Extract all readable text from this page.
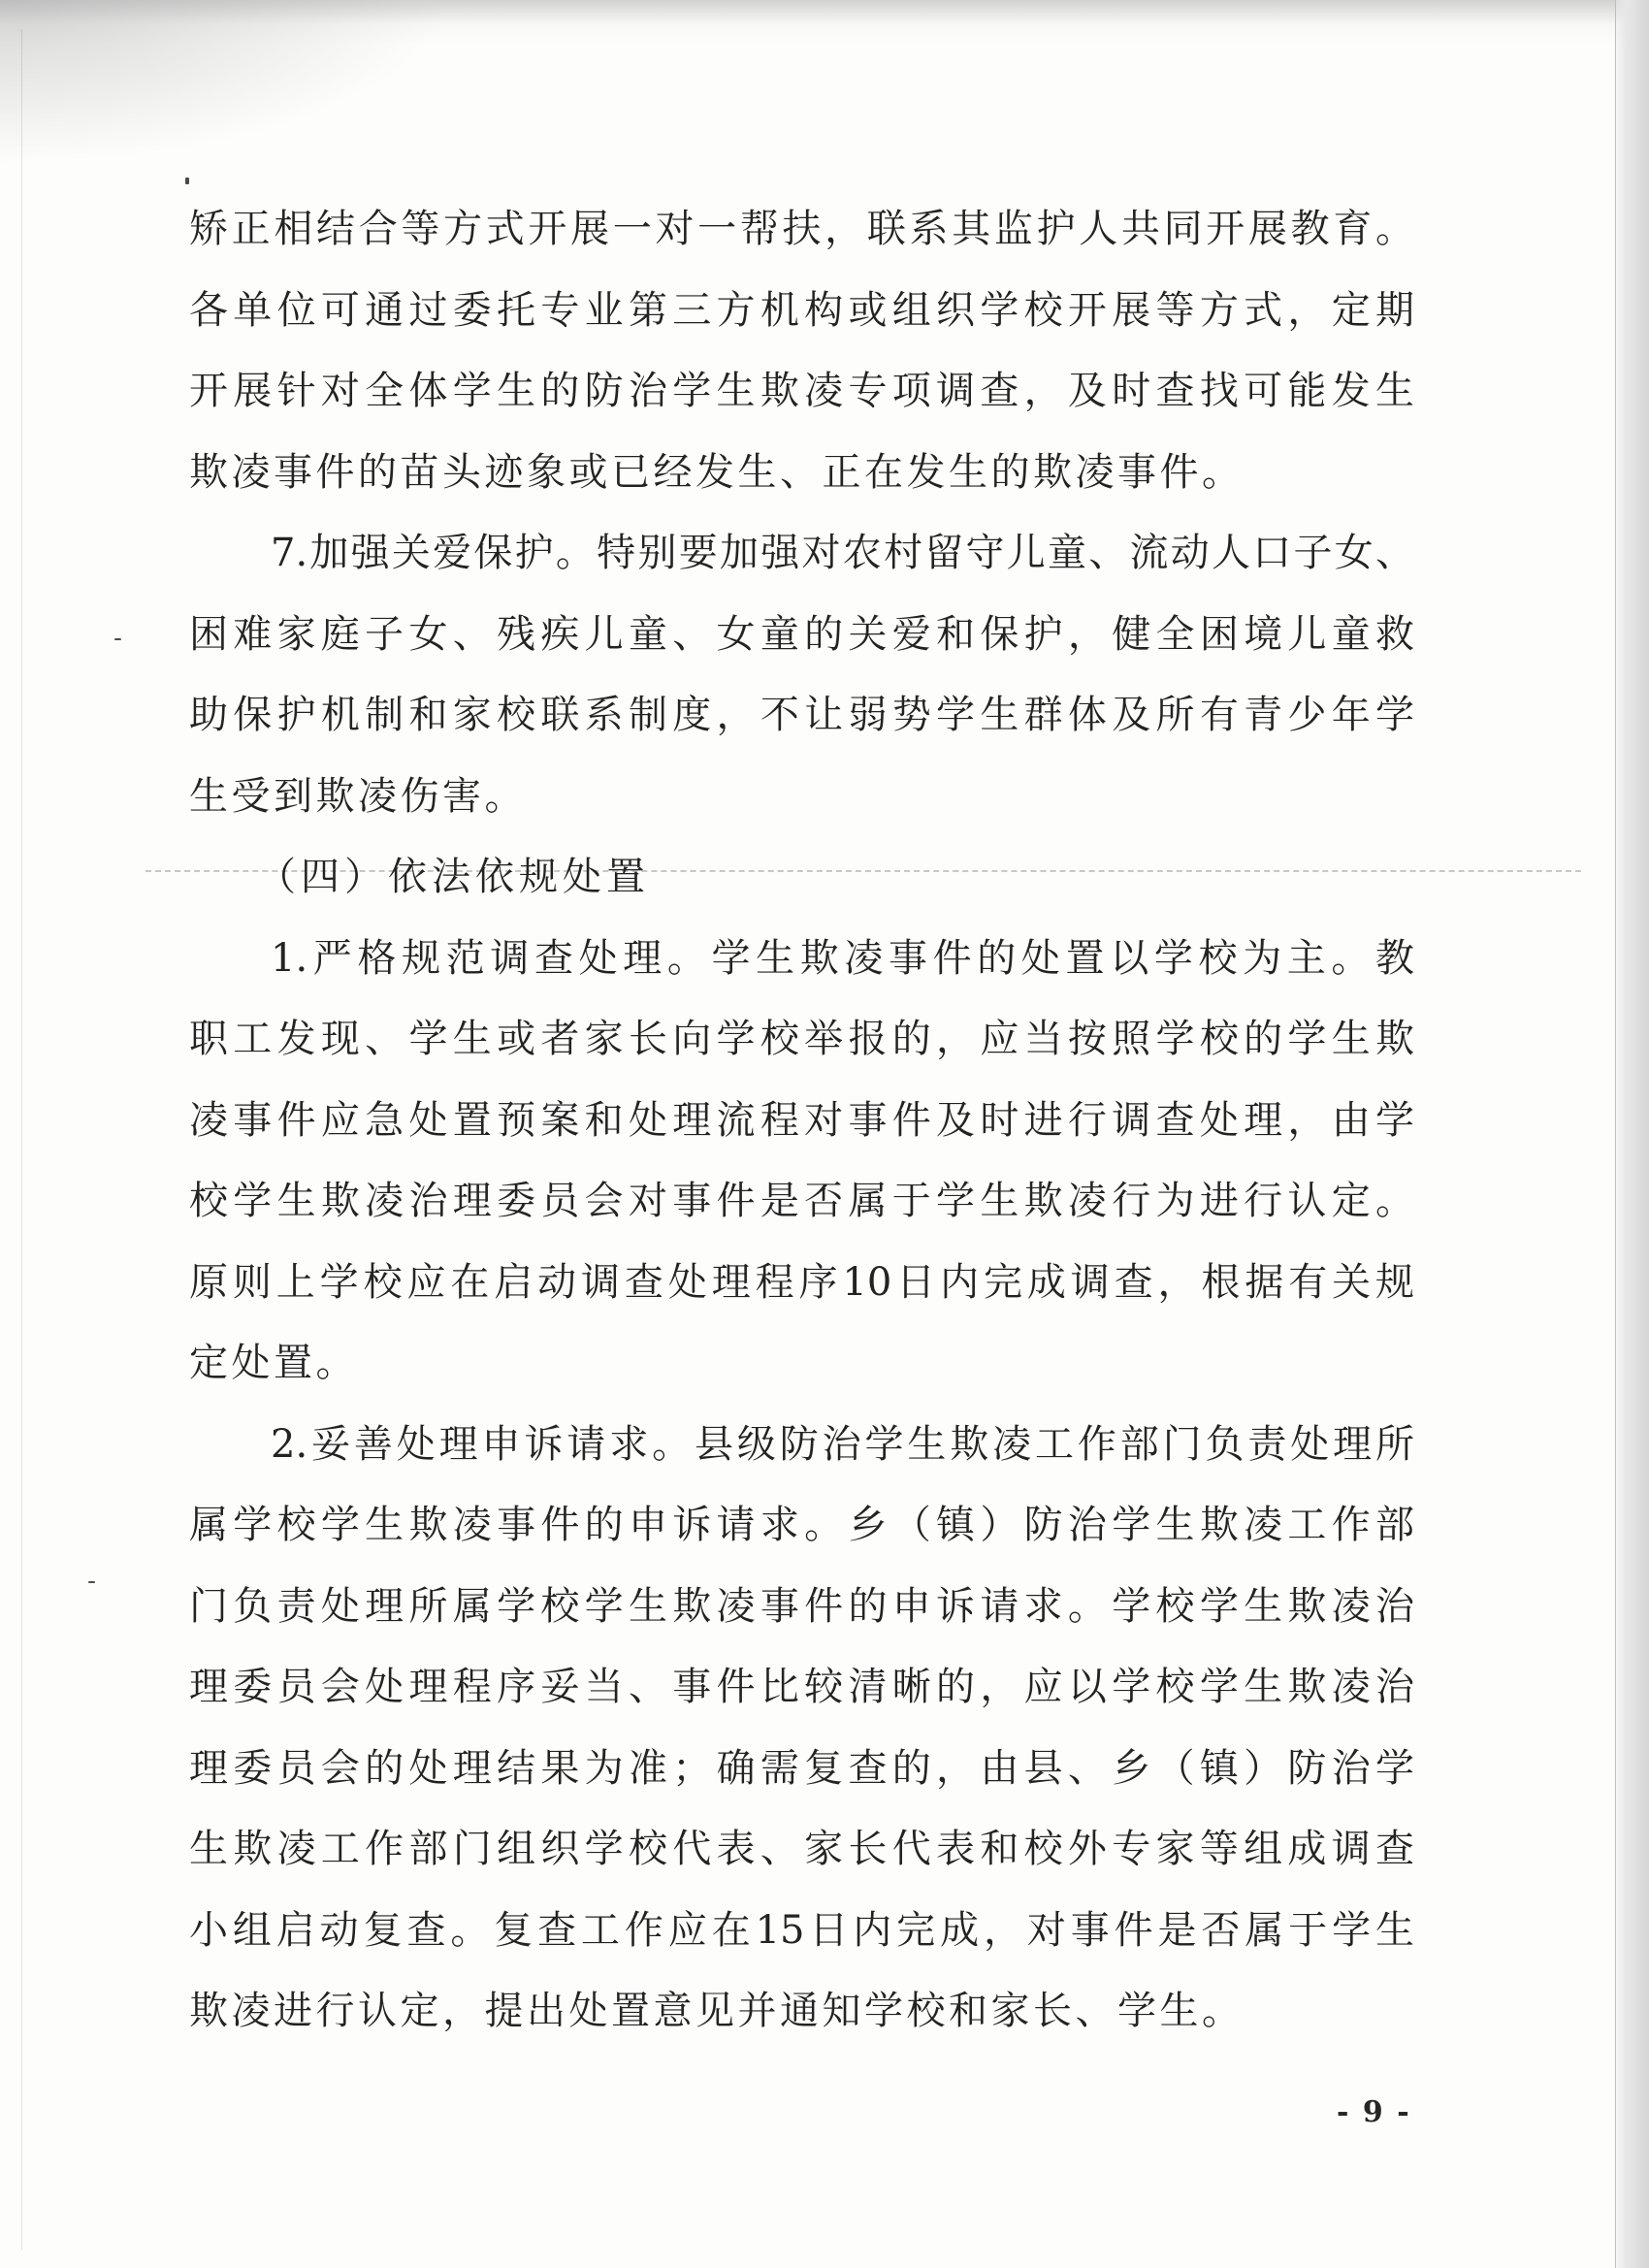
矫正相结合等方式开展一对一帮扶，联系其监护人共同开展教育。
各单位可通过委托专业第三方机构或组织学校开展等方式，定期
开展针对全体学生的防治学生欺凌专项调查，及时查找可能发生
欺凌事件的苗头迹象或已经发生、正在发生的欺凌事件。
7.加强关爱保护。特别要加强对农村留守儿童、流动人口子女、
困难家庭子女、残疾儿童、女童的关爱和保护，健全困境儿童救
助保护机制和家校联系制度，不让弱势学生群体及所有青少年学
生受到欺凌伤害。
（四）依法依规处置
1.严格规范调查处理。学生欺凌事件的处置以学校为主。教
职工发现、学生或者家长向学校举报的，应当按照学校的学生欺
凌事件应急处置预案和处理流程对事件及时进行调查处理，由学
校学生欺凌治理委员会对事件是否属于学生欺凌行为进行认定。
原则上学校应在启动调查处理程序10日内完成调查，根据有关规
定处置。
2.妥善处理申诉请求。县级防治学生欺凌工作部门负责处理所
属学校学生欺凌事件的申诉请求。乡（镇）防治学生欺凌工作部
门负责处理所属学校学生欺凌事件的申诉请求。学校学生欺凌治
理委员会处理程序妥当、事件比较清晰的，应以学校学生欺凌治
理委员会的处理结果为准；确需复查的，由县、乡（镇）防治学
生欺凌工作部门组织学校代表、家长代表和校外专家等组成调查
小组启动复查。复查工作应在15日内完成，对事件是否属于学生
欺凌进行认定，提出处置意见并通知学校和家长、学生。
- 9 -
